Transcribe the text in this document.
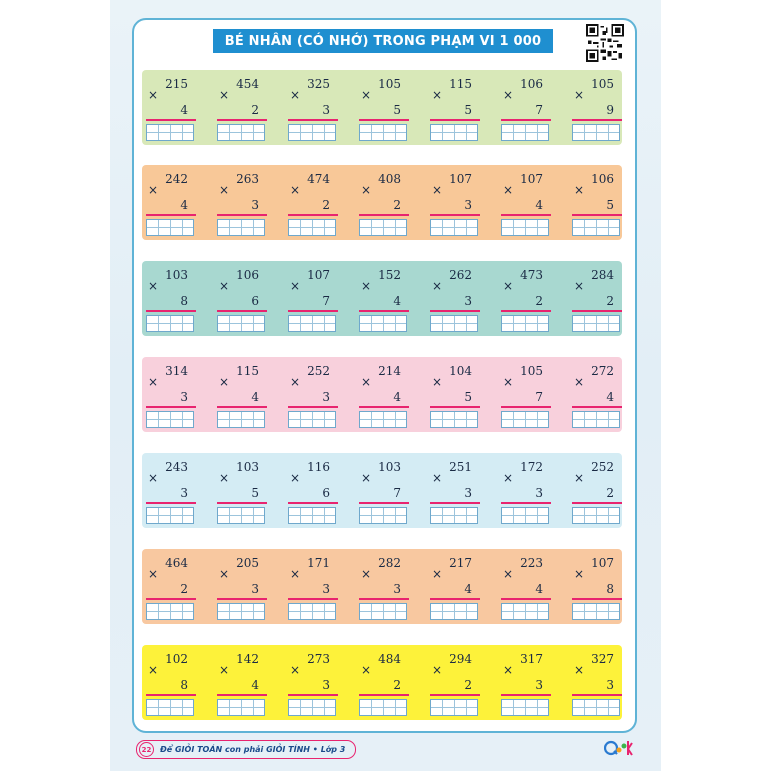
BÉ NHÂN (CÓ NHỚ) TRONG PHẠM VI 1 000
215
×
4
454
×
2
325
×
3
105
×
5
115
×
5
106
×
7
105
×
9
242
×
4
263
×
3
474
×
2
408
×
2
107
×
3
107
×
4
106
×
5
103
×
8
106
×
6
107
×
7
152
×
4
262
×
3
473
×
2
284
×
2
314
×
3
115
×
4
252
×
3
214
×
4
104
×
5
105
×
7
272
×
4
243
×
3
103
×
5
116
×
6
103
×
7
251
×
3
172
×
3
252
×
2
464
×
2
205
×
3
171
×
3
282
×
3
217
×
4
223
×
4
107
×
8
102
×
8
142
×
4
273
×
3
484
×
2
294
×
2
317
×
3
327
×
3
22	Để GIỎI TOÁN con phải GIỎI TÍNH • Lớp 3
